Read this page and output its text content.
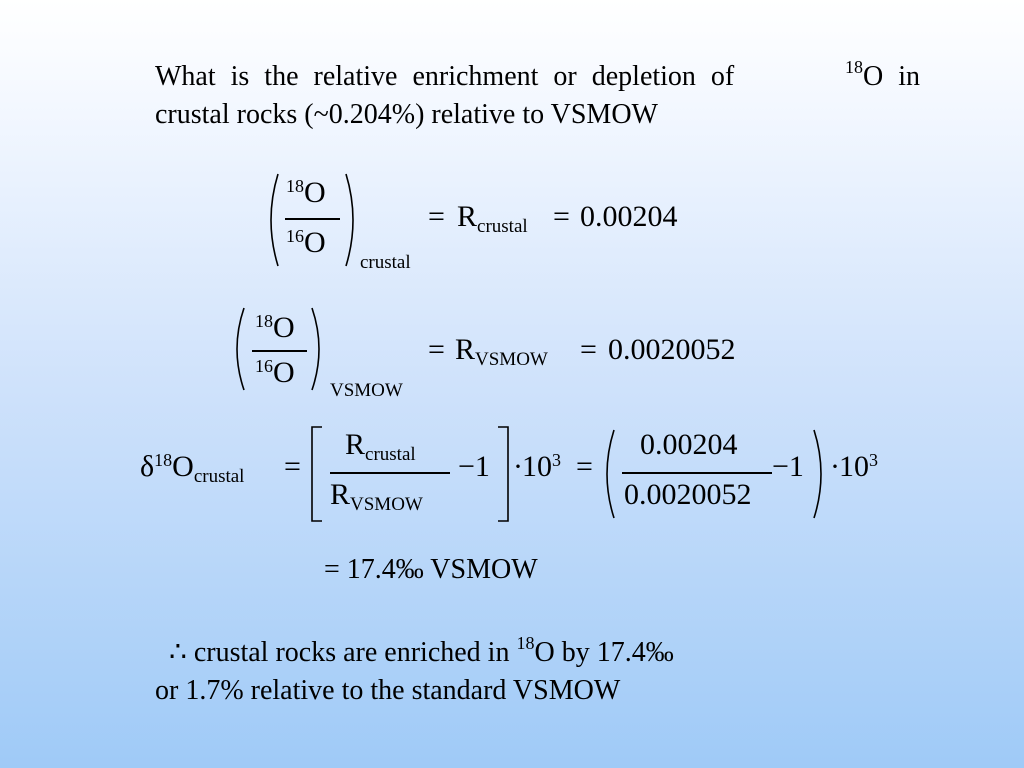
What is the relative enrichment or depletion of	$^{18}$O in
crustal rocks (~0.204%) relative to VSMOW
$^{18}$O
$^{16}$O
crustal
= $R_{crustal} = 0.00204$
$^{18}$O
$^{16}$O
VSMOW
= $R_{VSMOW} = 0.0020052$
$\delta^{18}O_{crustal}$ =
$R_{crustal}$
$R_{VSMOW}$
$-1 \cdot 10^3$ =
0.00204
0.0020052
$-1 \cdot 10^3$
= 17.4‰ VSMOW
∴ crustal rocks are enriched in $^{18}$O by 17.4‰
or 1.7% relative to the standard VSMOW
